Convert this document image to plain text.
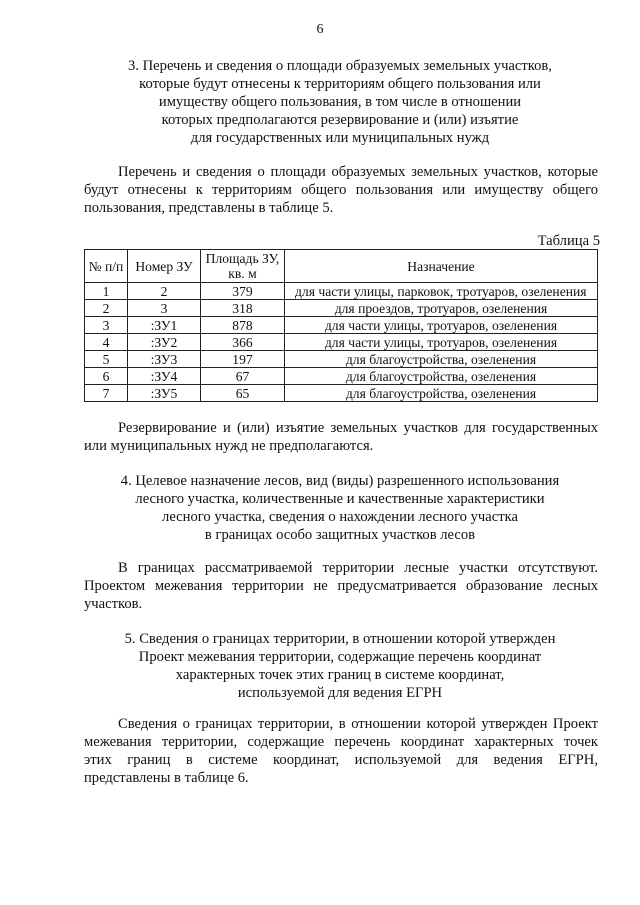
6
3. Перечень и сведения о площади образуемых земельных участков,
которые будут отнесены к территориям общего пользования или
имуществу общего пользования, в том числе в отношении
которых предполагаются резервирование и (или) изъятие
для государственных или муниципальных нужд
Перечень и сведения о площади образуемых земельных участков, которые
будут отнесены к территориям общего пользования или имуществу общего
пользования, представлены в таблице 5.
Таблица 5
№ п/п	Номер ЗУ	Площадь ЗУ, кв. м	Назначение
1	2	379	для части улицы, парковок, тротуаров, озеленения
2	3	318	для проездов, тротуаров, озеленения
3	:ЗУ1	878	для части улицы, тротуаров, озеленения
4	:ЗУ2	366	для части улицы, тротуаров, озеленения
5	:ЗУ3	197	для благоустройства, озеленения
6	:ЗУ4	67	для благоустройства, озеленения
7	:ЗУ5	65	для благоустройства, озеленения
Резервирование и (или) изъятие земельных участков для государственных
или муниципальных нужд не предполагаются.
4. Целевое назначение лесов, вид (виды) разрешенного использования
лесного участка, количественные и качественные характеристики
лесного участка, сведения о нахождении лесного участка
в границах особо защитных участков лесов
В границах рассматриваемой территории лесные участки отсутствуют.
Проектом межевания территории не предусматривается образование лесных
участков.
5. Сведения о границах территории, в отношении которой утвержден
Проект межевания территории, содержащие перечень координат
характерных точек этих границ в системе координат,
используемой для ведения ЕГРН
Сведения о границах территории, в отношении которой утвержден Проект
межевания территории, содержащие перечень координат характерных точек
этих границ в системе координат, используемой для ведения ЕГРН,
представлены в таблице 6.
